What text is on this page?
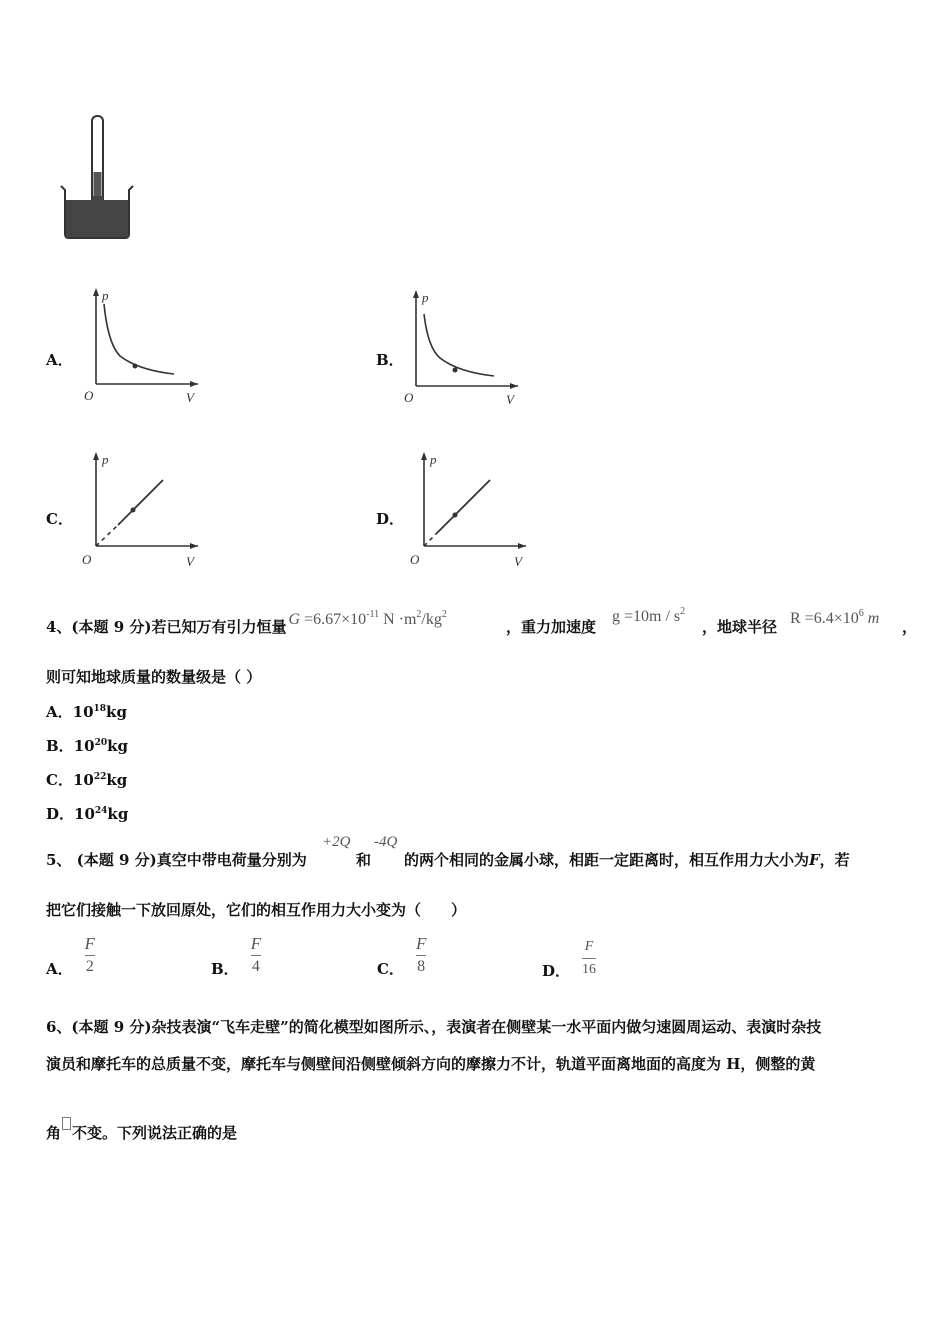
A．
p
O	V
B．
p
O	V
C．
p
O	V
D．
p
O	V
4、(本题 9 分)若已知万有引力恒量 $G =6.67\times 10^{-11}$ $N \cdot m^2/kg^2$
，重力加速度
$g =10m / s^2$
，地球半径 $R =6.4\times 10^6$ m ，
则可知地球质量的数量级是（ ）
A．$10^{18}kg$
B．$10^{20}kg$
C．$10^{22}kg$
D．$10^{24}kg$
5、 (本题 9 分)真空中带电荷量分别为
+2Q
和
-4Q
的两个相同的金属小球，相距一定距离时，相互作用力大小为F，若
把它们接触一下放回原处，它们的相互作用力大小变为（　　）
A． $\frac{F}{2}$	B． $\frac{F}{4}$	C． $\frac{F}{8}$	D． $\frac{F}{16}$
6、(本题 9 分)杂技表演“飞车走壁”的简化模型如图所示、，表演者在侧壁某一水平面内做匀速圆周运动、表演时杂技
演员和摩托车的总质量不变，摩托车与侧壁间沿侧壁倾斜方向的摩擦力不计，轨道平面离地面的高度为 H，侧整的黄
角 不变。下列说法正确的是
